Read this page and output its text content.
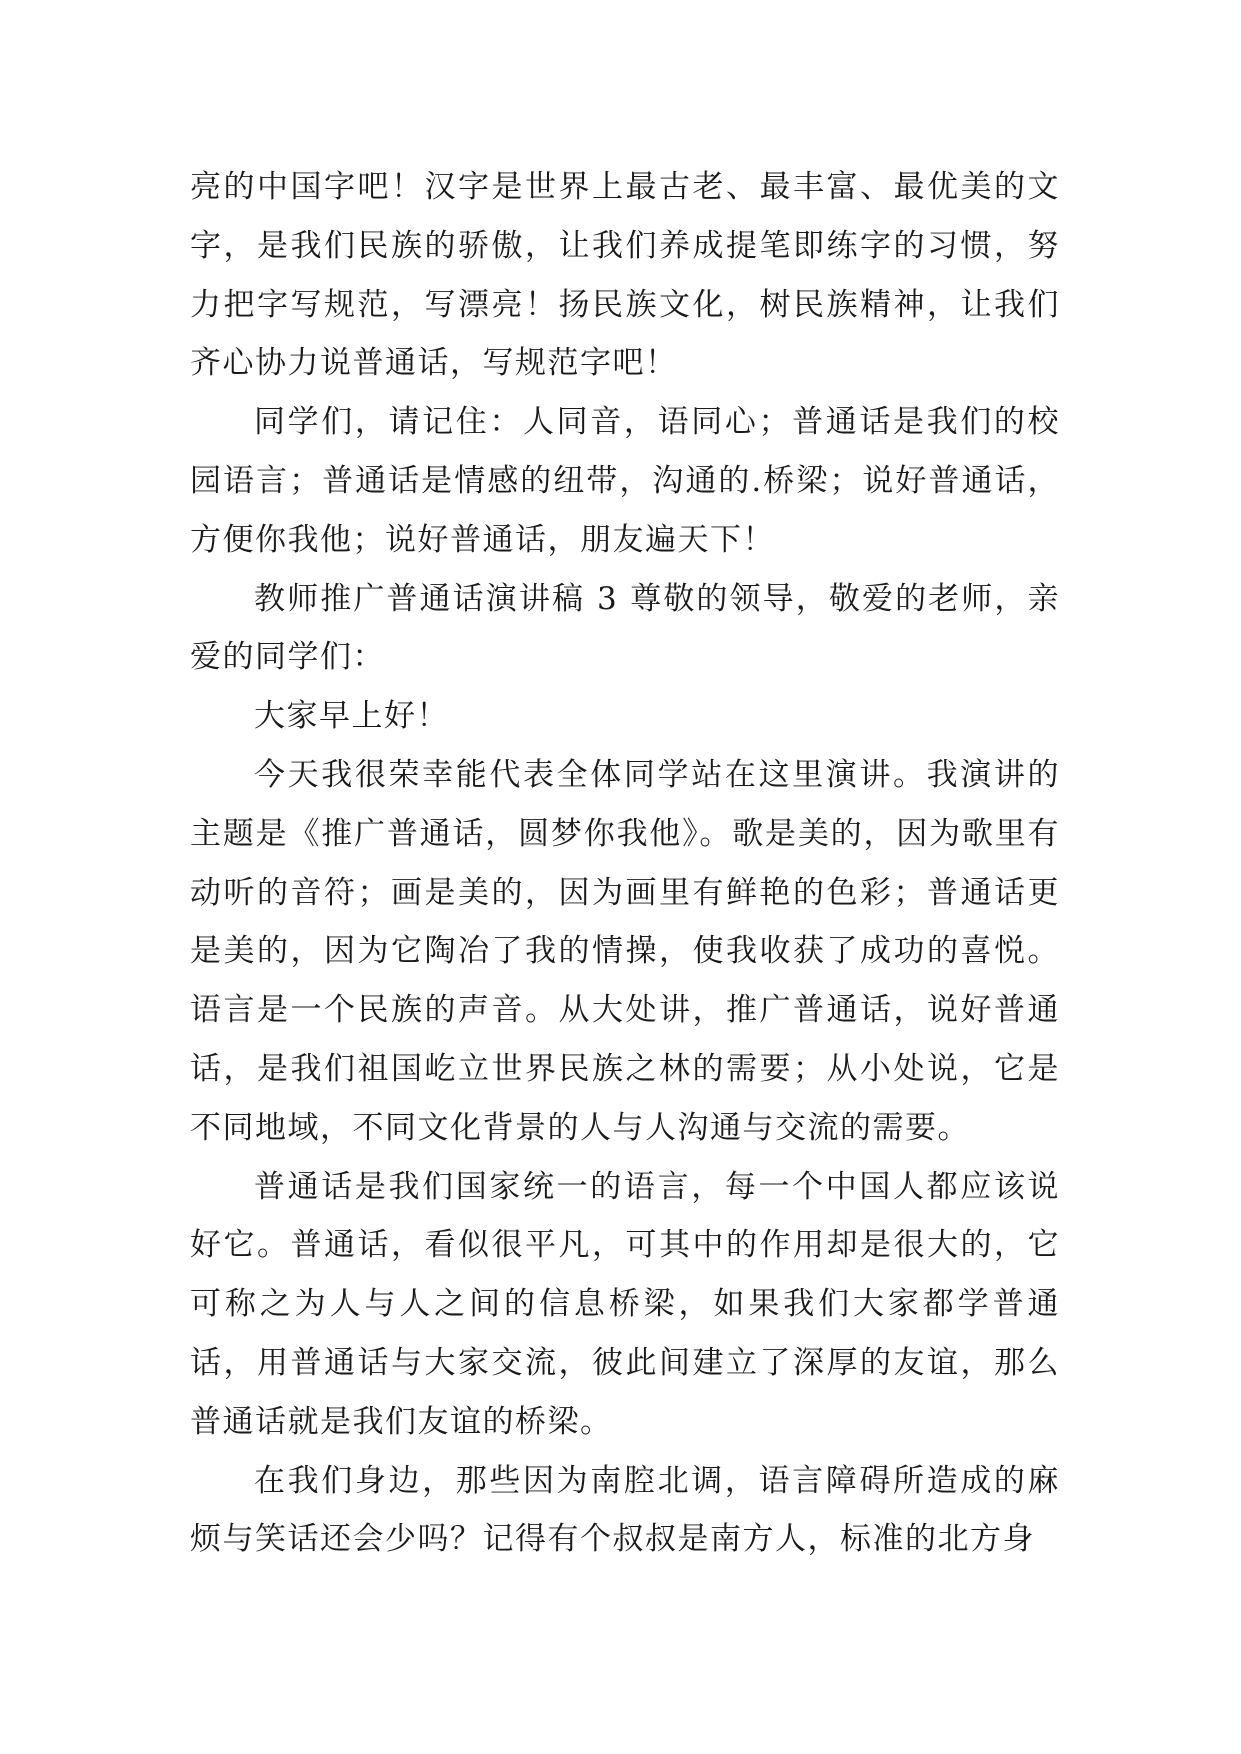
亮的中国字吧！汉字是世界上最古老、最丰富、最优美的文字，是我们民族的骄傲，让我们养成提笔即练字的习惯，努力把字写规范，写漂亮！扬民族文化，树民族精神，让我们齐心协力说普通话，写规范字吧！

同学们，请记住：人同音，语同心；普通话是我们的校园语言；普通话是情感的纽带，沟通的.桥梁；说好普通话，方便你我他；说好普通话，朋友遍天下！

教师推广普通话演讲稿 3 尊敬的领导，敬爱的老师，亲爱的同学们：

大家早上好！

今天我很荣幸能代表全体同学站在这里演讲。我演讲的主题是《推广普通话，圆梦你我他》。歌是美的，因为歌里有动听的音符；画是美的，因为画里有鲜艳的色彩；普通话更是美的，因为它陶冶了我的情操，使我收获了成功的喜悦。语言是一个民族的声音。从大处讲，推广普通话，说好普通话，是我们祖国屹立世界民族之林的需要；从小处说，它是不同地域，不同文化背景的人与人沟通与交流的需要。

普通话是我们国家统一的语言，每一个中国人都应该说好它。普通话，看似很平凡，可其中的作用却是很大的，它可称之为人与人之间的信息桥梁，如果我们大家都学普通话，用普通话与大家交流，彼此间建立了深厚的友谊，那么普通话就是我们友谊的桥梁。

在我们身边，那些因为南腔北调，语言障碍所造成的麻烦与笑话还会少吗？记得有个叔叔是南方人，标准的北方身
